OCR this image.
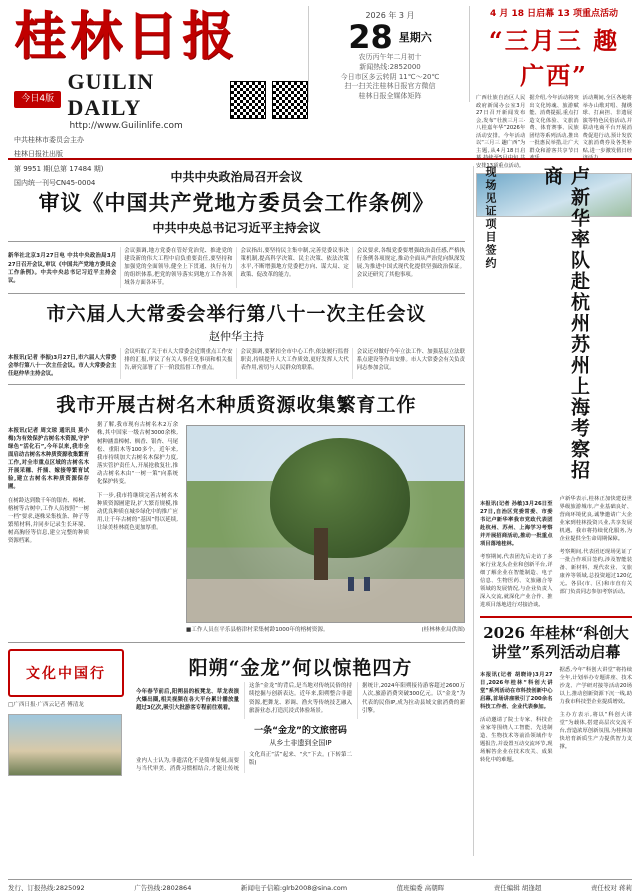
桂林日报
今日4版
GUILIN DAILY
http://www.Guilinlife.com
中共桂林市委员会主办
桂林日报社出版
第 9951 期(总第 17484 期)
国内统一刊号CN45-0004
2026 年 3 月
28 星期六
农历丙午年二月初十
新闻热线:2852000
今日市区多云转阴 11℃～20℃
扫一扫关注桂林日报官方微信
桂林日报全媒体矩阵
4 月 18 日启幕 13 项重点活动
“三月三 趣广西”
广西壮族自治区人民政府新闻办公室3月27日召开新闻发布会,发布“壮族三月三·八桂嘉年华”2026年活动安排。今年活动以“三月三 趣广西”为主题,从4月18日启幕,持续至5月中旬,共安排13项重点活动。
据介绍,今年活动将突出文化铸魂、旅游赋能、消费提振,重点打造文化体验、文旅消费、体育赛事、民族团结等系列活动,推出一批惠民举措,让广大群众和游客共享节日欢乐。
活动期间,全区各地将举办山歌对唱、抛绣球、打扁担、非遗展演等特色民俗活动,并联动电商平台开展消费促进行动,预计发放文旅消费券及各类补贴,进一步激发假日经济活力。
中共中央政治局召开会议
审议《中国共产党地方委员会工作条例》
中共中央总书记习近平主持会议

新华社北京3月27日电 中共中央政治局3月27日召开会议,审议《中国共产党地方委员会工作条例》。中共中央总书记习近平主持会议。

会议强调,地方党委在管好党治党、推进党的建设新的伟大工程中肩负重要责任,要坚持和加强党的全面领导,健全上下贯通、执行有力的组织体系,把党的领导落实到地方工作各领域各方面各环节。

会议指出,要坚持民主集中制,完善党委议事决策机制,提高科学决策、民主决策、依法决策水平,不断增强地方党委把方向、谋大局、定政策、促改革的能力。

会议要求,各级党委要增强政治责任感,严格执行条例各项规定,推动全面从严治党向纵深发展,为推进中国式现代化提供坚强政治保证。会议还研究了其他事项。

市六届人大常委会举行第八十一次主任会议
赵仲华主持

本报讯(记者 李振)3月27日,市六届人大常委会举行第八十一次主任会议。市人大常委会主任赵仲华主持会议。

会议听取了关于市人大常委会近期重点工作安排的汇报,审议了有关人事任免事项和相关报告,研究部署了下一阶段监督工作重点。

会议强调,要紧扣全市中心工作,依法履行监督职责,持续提升人大工作质效,更好发挥人大代表作用,密切与人民群众的联系。

会议还对做好今年立法工作、加强基层立法联系点建设等作出安排。市人大常委会有关负责同志参加会议。

我市开展古树名木种质资源收集繁育工作

本报讯(记者 周文琼 通讯员 莫小梅)为有效保护古树名木资源,守护绿色“活化石”,今年以来,我市全面启动古树名木种质资源收集繁育工作,对全市重点区域的古树名木开展采穗、扦插、嫁接等繁育试验,建立古树名木种质资源保存圃。

在树龄达到数千年的银杏、樟树、榕树等古树中,工作人员按照“一树一档”要求,逐株采集枝条、种子等繁殖材料,并同步记录生长环境、树高胸径等信息,建立完整的种质资源档案。

据了解,我市现有古树名木2万余株,其中国家一级古树3000余株,树种涵盖樟树、枫香、银杏、马尾松、重阳木等100多个。近年来,我市持续加大古树名木保护力度,落实管护责任人,开展抢救复壮,推动古树名木由“一树一策”向系统化保护转变。

下一步,我市将继续完善古树名木种质资源圃建设,扩大繁育规模,推动优良种质在城乡绿化中的推广应用,让千年古树的“基因”得以延续,让绿美桂林底色更加厚重。

■工作人员在平乐县榕津村采集树龄1000年的榕树资源。	(桂林林业局供图)
文化中国行
□广西日报·广西云记者 傅清龙
阳朔“金龙”何以惊艳四方

今年春节前后,阳朔县的板凳龙、草龙表演火爆出圈,相关视频在各大平台累计播放量超过3亿次,吸引大批游客专程前往观看。

这条“金龙”的背后,是当地对传统民俗的持续挖掘与创新表达。近年来,阳朔整合非遗资源,把舞龙、彩调、渔火等传统技艺融入旅游业态,打造沉浸式体验场景。

据统计,2024年阳朔接待游客超过2600万人次,旅游消费突破300亿元。以“金龙”为代表的民俗IP,成为拉动县域文旅消费的新引擎。

一条“金龙”的文旅密码
从乡土非遗到全国IP

业内人士认为,非遗活化不是简单复刻,而要与当代审美、消费习惯相结合,才能让传统文化真正“活”起来、“火”下去。(下转第二版)

现场见证项目签约	卢新华率队赴杭州苏州上海考察招商

本报讯(记者 孙敏)3月26日至27日,自治区党委常委、市委书记卢新华率我市党政代表团赴杭州、苏州、上海学习考察并开展招商活动,推动一批重点项目落地桂林。

考察期间,代表团先后走访了多家行业龙头企业和创新平台,详细了解企业在智能制造、电子信息、生物医药、文旅融合等领域的发展情况,与企业负责人深入交流,就深化产业合作、推进项目落地进行对接洽谈。

卢新华表示,桂林正加快建设世界级旅游城市,产业基础良好、营商环境优良,诚挚邀请广大企业家到桂林投资兴业,共享发展机遇。我市将持续优化服务,为企业提供全生命周期保障。

考察期间,代表团还现场见证了一批合作项目签约,涉及智能装备、新材料、现代农业、文旅康养等领域,总投资超过120亿元。各县(市、区)和市直有关部门负责同志参加考察活动。

2026 年桂林“科创大讲堂”系列活动启幕

本报讯(记者 胡晓诗)3月27日,2026年桂林“科创大讲堂”系列活动在市科技创新中心启幕,首场讲座吸引了200余名科技工作者、企业代表参加。

活动邀请了院士专家、科技企业家等围绕人工智能、先进制造、生物技术等前沿领域作专题报告,并设置互动交流环节,现场解答企业在技术攻关、成果转化中的难题。

据悉,今年“科创大讲堂”将持续全年,计划举办专题讲座、技术沙龙、产学研对接等活动20场以上,推动创新资源下沉一线,助力我市科技型企业提质增效。

主办方表示,将以“科创大讲堂”为载体,搭建高层次交流平台,营造浓厚创新氛围,为桂林加快培育新质生产力提供智力支撑。

发行、订报热线:2825092	广告热线:2802864	新闻电子信箱:glrb2008@sina.com	值班编委 高朝晖	责任编辑 胡逢超	责任校对 蒋莉
